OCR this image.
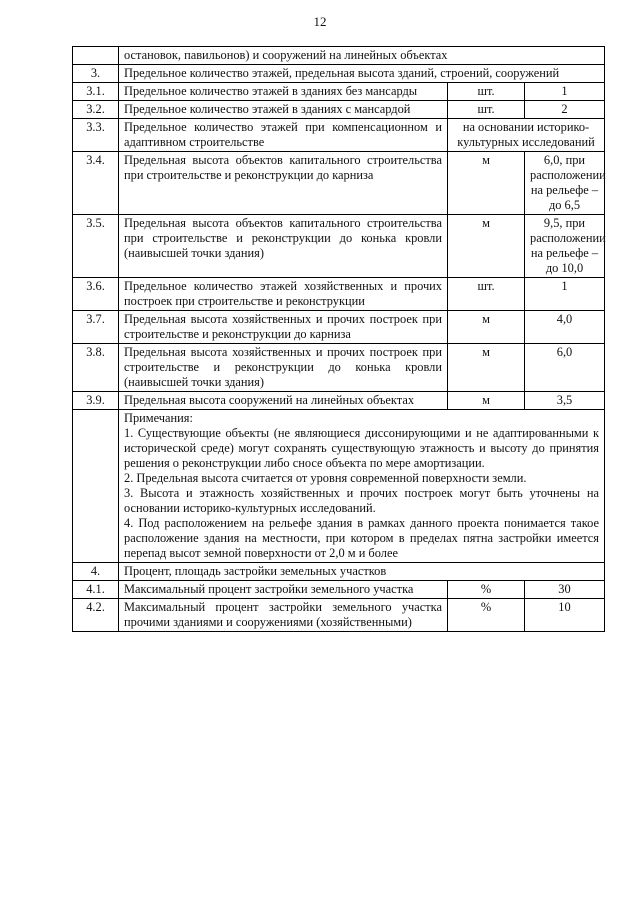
12
	остановок, павильонов) и сооружений на линейных объектах		
3.	Предельное количество этажей, предельная высота зданий, строений, сооружений		
3.1.	Предельное количество этажей в зданиях без мансарды	шт.	1
3.2.	Предельное количество этажей в зданиях с мансардой	шт.	2
3.3.	Предельное количество этажей при компенсационном и адаптивном строительстве	на основании историко-культурных исследований	
3.4.	Предельная высота объектов капитального строительства при строительстве и реконструкции до карниза	м	6,0, при расположении на рельефе – до 6,5
3.5.	Предельная высота объектов капитального строительства при строительстве и реконструкции до конька кровли (наивысшей точки здания)	м	9,5, при расположении на рельефе – до 10,0
3.6.	Предельное количество этажей хозяйственных и прочих построек при строительстве и реконструкции	шт.	1
3.7.	Предельная высота хозяйственных и прочих построек при строительстве и реконструкции до карниза	м	4,0
3.8.	Предельная высота хозяйственных и прочих построек при строительстве и реконструкции до конька кровли (наивысшей точки здания)	м	6,0
3.9.	Предельная высота сооружений на линейных объектах	м	3,5

	Примечания:
1. Существующие объекты (не являющиеся диссонирующими и не адаптированными к исторической среде) могут сохранять существующую этажность и высоту до принятия решения о реконструкции либо сносе объекта по мере амортизации.
2. Предельная высота считается от уровня современной поверхности земли.
3. Высота и этажность хозяйственных и прочих построек могут быть уточнены на основании историко-культурных исследований.
4. Под расположением на рельефе здания в рамках данного проекта понимается такое расположение здания на местности, при котором в пределах пятна застройки имеется перепад высот земной поверхности от 2,0 м и более		

4.	Процент, площадь застройки земельных участков		
4.1.	Максимальный процент застройки земельного участка	%	30
4.2.	Максимальный процент застройки земельного участка прочими зданиями и сооружениями (хозяйственными)	%	10
